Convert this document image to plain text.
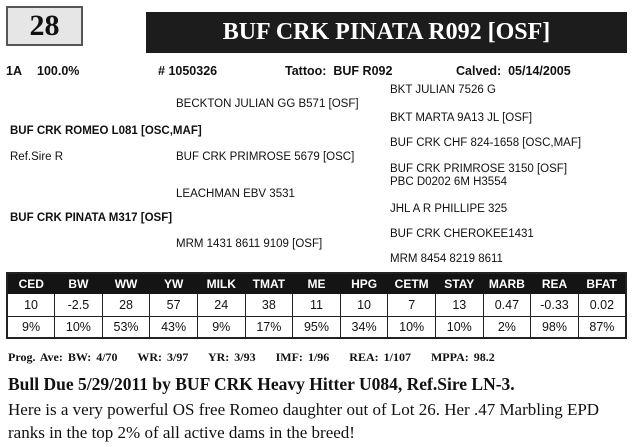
28	BUF CRK PINATA R092 [OSF]
1A 100.0%	# 1050326	Tattoo: BUF R092	Calved: 05/14/2005
BKT JULIAN 7526 G
BECKTON JULIAN GG B571 [OSF]
BKT MARTA 9A13 JL [OSF]
BUF CRK ROMEO L081 [OSC,MAF]
BUF CRK CHF 824-1658 [OSC,MAF]
Ref.Sire R	BUF CRK PRIMROSE 5679 [OSC]
BUF CRK PRIMROSE 3150 [OSF]
PBC D0202 6M H3554
LEACHMAN EBV 3531
JHL A R PHILLIPE 325
BUF CRK PINATA M317 [OSF]
BUF CRK CHEROKEE1431
MRM 1431 8611 9109 [OSF]
MRM 8454 8219 8611
CED	BW	WW	YW	MILK	TMAT	ME	HPG	CETM	STAY	MARB	REA	BFAT
10	-2.5	28	57	24	38	11	10	7	13	0.47	-0.33	0.02
9%	10%	53%	43%	9%	17%	95%	34%	10%	10%	2%	98%	87%
Prog. Ave: BW: 4/70 WR: 3/97 YR: 3/93 IMF: 1/96 REA: 1/107 MPPA: 98.2
Bull Due 5/29/2011 by BUF CRK Heavy Hitter U084, Ref.Sire LN-3.
Here is a very powerful OS free Romeo daughter out of Lot 26. Her .47 Marbling EPD ranks in the top 2% of all active dams in the breed!
